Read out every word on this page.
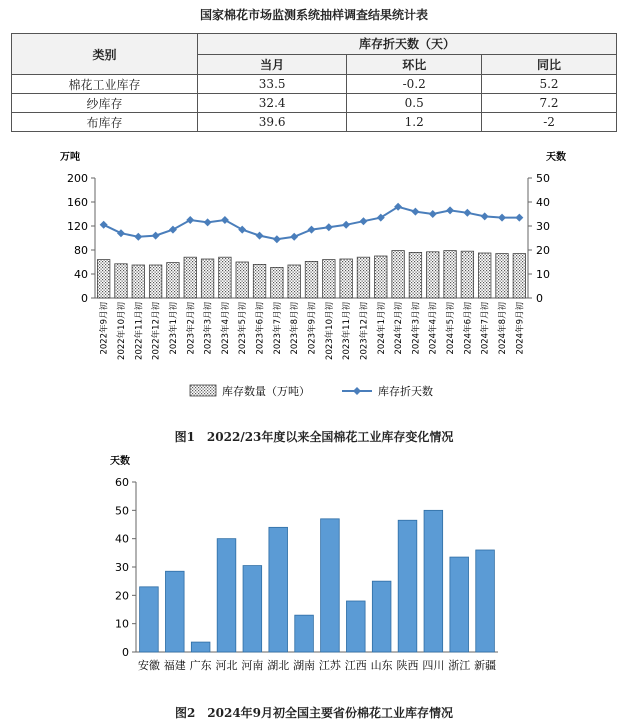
国家棉花市场监测系统抽样调查结果统计表
类别	库存折天数（天）		
	当月	环比	同比
棉花工业库存	33.5	-0.2	5.2
纱库存	32.4	0.5	7.2
布库存	39.6	1.2	-2
万吨	天数
0
40
80
120
160
200
0
10
20
30
40
50
2022年9月初 2022年10月初 2022年11月初 2022年12月初 2023年1月初 2023年2月初 2023年3月初 2023年4月初 2023年5月初 2023年6月初 2023年7月初 2023年8月初 2023年9月初 2023年10月初 2023年11月初 2023年12月初 2024年1月初 2024年2月初 2024年3月初 2024年4月初 2024年5月初 2024年6月初 2024年7月初 2024年8月初 2024年9月初
库存数量（万吨）	库存折天数
图1　2022/23年度以来全国棉花工业库存变化情况
天数
0
10
20
30
40
50
60
安徽 福建 广东 河北 河南 湖北 湖南 江苏 江西 山东 陕西 四川 浙江 新疆
图2　2024年9月初全国主要省份棉花工业库存情况
